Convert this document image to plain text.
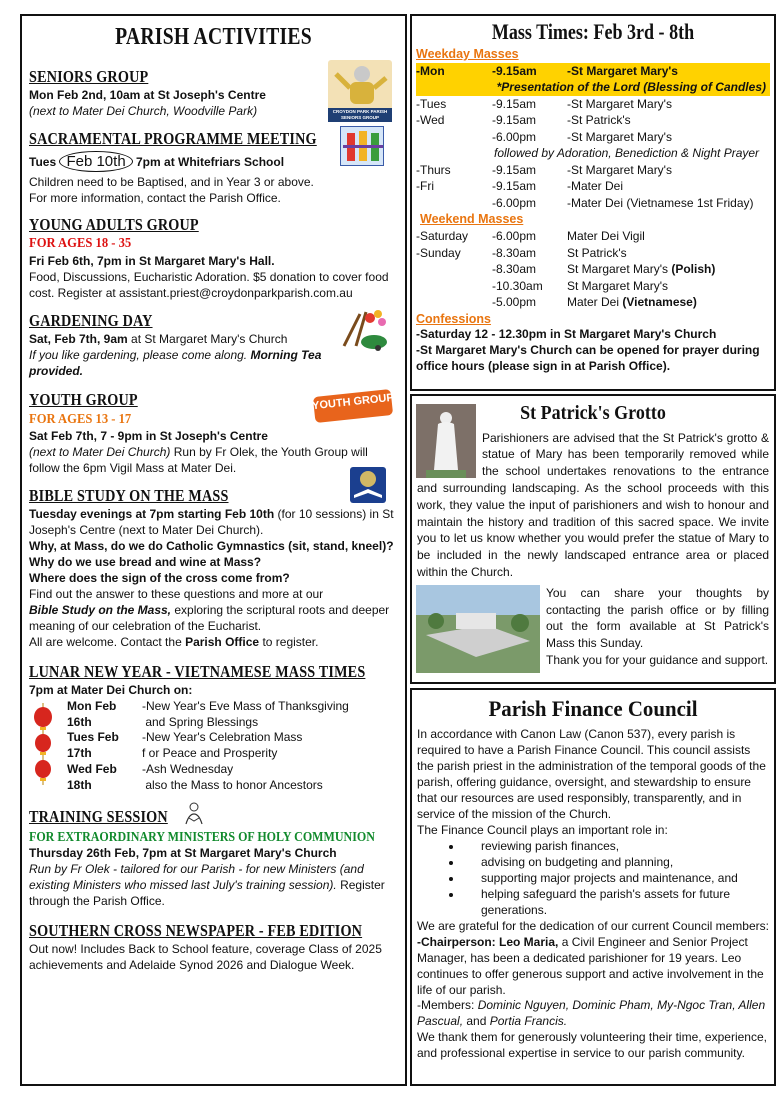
PARISH ACTIVITIES
CROYDON PARK PARISH SENIORS GROUP
SENIORS GROUP

Mon Feb 2nd, 10am at St Joseph's Centre

(next to Mater Dei Church, Woodville Park)

SACRAMENTAL PROGRAMME MEETING

Tues Feb 10th 7pm at Whitefriars School

Children need to be Baptised, and in Year 3 or above.

For more information, contact the Parish Office.

YOUNG ADULTS GROUP
FOR AGES 18 - 35

Fri Feb 6th, 7pm in St Margaret Mary's Hall.

Food, Discussions, Eucharistic Adoration. $5 donation to cover food cost. Register at assistant.priest@croydonparkparish.com.au

GARDENING DAY

Sat, Feb 7th, 9am at St Margaret Mary's Church

If you like gardening, please come along. Morning Tea provided.

YOUTH GROUP
YOUTH GROUP
FOR AGES 13 - 17

Sat Feb 7th, 7 - 9pm in St Joseph's Centre

(next to Mater Dei Church) Run by Fr Olek, the Youth Group will follow the 6pm Vigil Mass at Mater Dei.

BIBLE STUDY ON THE MASS

Tuesday evenings at 7pm starting Feb 10th (for 10 sessions) in St Joseph's Centre (next to Mater Dei Church).

Why, at Mass, do we do Catholic Gymnastics (sit, stand, kneel)?

Why do we use bread and wine at Mass?

Where does the sign of the cross come from?

Find out the answer to these questions and more at our

Bible Study on the Mass, exploring the scriptural roots and deeper meaning of our celebration of the Eucharist.

All are welcome. Contact the Parish Office to register.

LUNAR NEW YEAR - VIETNAMESE MASS TIMES

7pm at Mater Dei Church on:

Mon Feb 16th

-New Year's Eve Mass of Thanksgiving

and Spring Blessings

Tues Feb 17th

-New Year's Celebration Mass

f or Peace and Prosperity

Wed Feb 18th

-Ash Wednesday

also the Mass to honor Ancestors

TRAINING SESSION
FOR EXTRAORDINARY MINISTERS OF HOLY COMMUNION

Thursday 26th Feb, 7pm at St Margaret Mary's Church

Run by Fr Olek - tailored for our Parish - for new Ministers (and existing Ministers who missed last July's training session). Register through the Parish Office.

SOUTHERN CROSS NEWSPAPER - FEB EDITION

Out now! Includes Back to School feature, coverage Class of 2025 achievements and Adelaide Synod 2026 and Dialogue Week.

Mass Times: Feb 3rd - 8th
Weekday Masses
-Mon	-9.15am	-St Margaret Mary's
*Presentation of the Lord (Blessing of Candles)
-Tues	-9.15am	-St Margaret Mary's
-Wed	-9.15am	-St Patrick's
-6.00pm	-St Margaret Mary's
followed by Adoration, Benediction & Night Prayer
-Thurs	-9.15am	-St Margaret Mary's
-Fri	-9.15am	-Mater Dei
-6.00pm	-Mater Dei (Vietnamese 1st Friday)
Weekend Masses
-Saturday	-6.00pm	Mater Dei Vigil
-Sunday	-8.30am	St Patrick's
-8.30am	St Margaret Mary's (Polish)
-10.30am	St Margaret Mary's
-5.00pm	Mater Dei (Vietnamese)
Confessions

-Saturday 12 - 12.30pm in St Margaret Mary's Church

-St Margaret Mary's Church can be opened for prayer during office hours (please sign in at Parish Office).

St Patrick's Grotto

Parishioners are advised that the St Patrick's grotto & statue of Mary has been temporarily removed while the school undertakes renovations to the entrance and surrounding landscaping. As the school proceeds with this work, they value the input of parishioners and wish to honour and maintain the history and tradition of this sacred space. We invite you to let us know whether you would prefer the statue of Mary to be included in the newly landscaped entrance area or placed within the Church.

You can share your thoughts by contacting the parish office or by filling out the form available at St Patrick's Mass this Sunday.

Thank you for your guidance and support.

Parish Finance Council

In accordance with Canon Law (Canon 537), every parish is required to have a Parish Finance Council. This council assists the parish priest in the administration of the temporal goods of the parish, offering guidance, oversight, and stewardship to ensure that our resources are used responsibly, transparently, and in service of the mission of the Church.

The Finance Council plays an important role in:

• reviewing parish finances,
• advising on budgeting and planning,
• supporting major projects and maintenance, and
• helping safeguard the parish's assets for future generations.

We are grateful for the dedication of our current Council members:

-Chairperson: Leo Maria, a Civil Engineer and Senior Project Manager, has been a dedicated parishioner for 19 years. Leo continues to offer generous support and active involvement in the life of our parish.

-Members: Dominic Nguyen, Dominic Pham, My-Ngoc Tran, Allen Pascual, and Portia Francis.

We thank them for generously volunteering their time, experience, and professional expertise in service to our parish community.
